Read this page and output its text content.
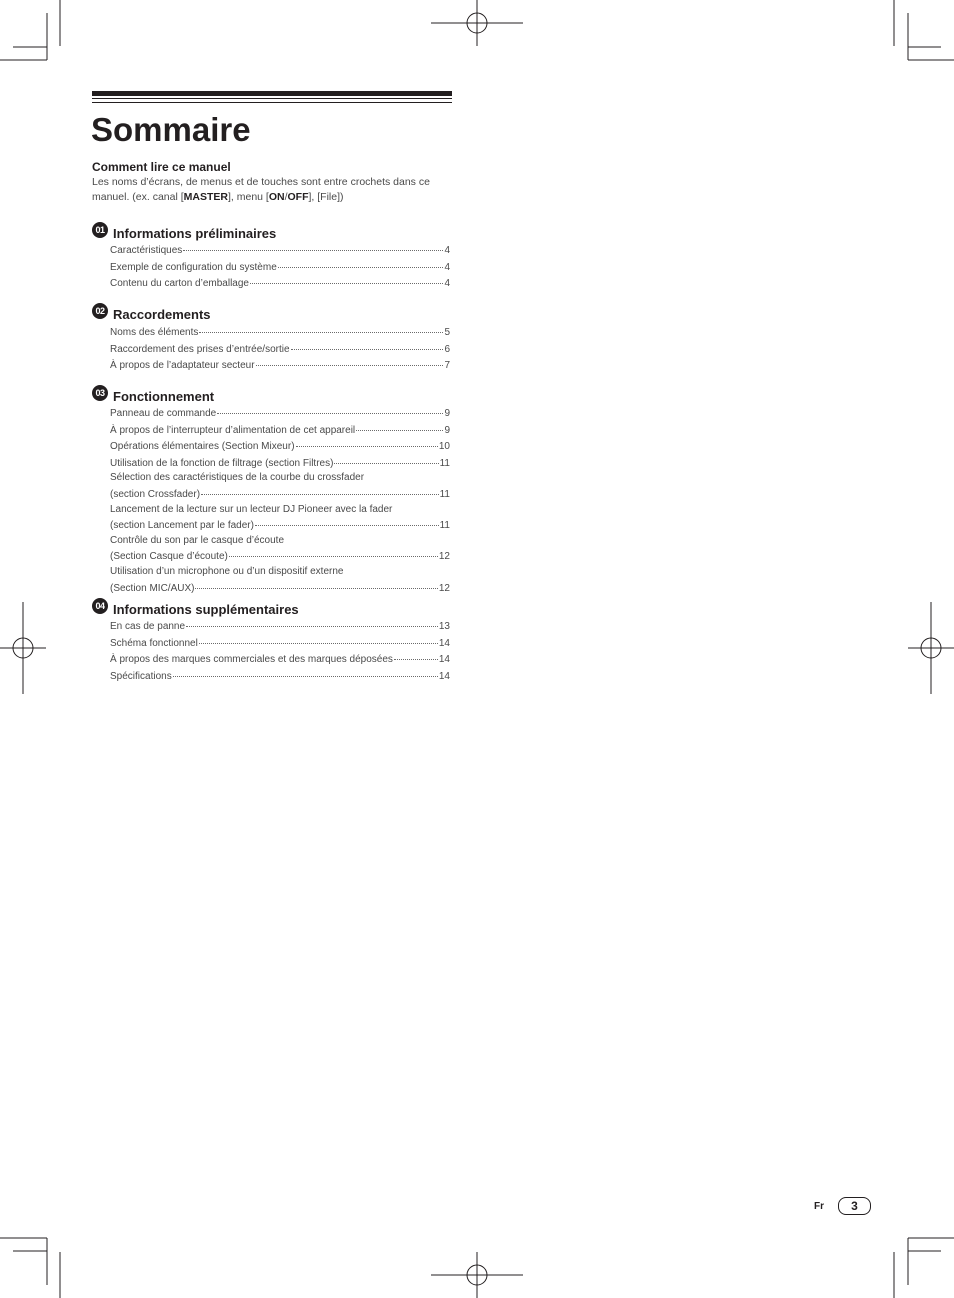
Sommaire
Comment lire ce manuel
Les noms d’écrans, de menus et de touches sont entre crochets dans ce
manuel. (ex. canal [MASTER], menu [ON/OFF], [File])
01 Informations préliminaires
Caractéristiques	4
Exemple de configuration du système	4
Contenu du carton d’emballage	4
02 Raccordements
Noms des éléments	5
Raccordement des prises d’entrée/sortie	6
À propos de l’adaptateur secteur	7
03 Fonctionnement
Panneau de commande	9
À propos de l’interrupteur d’alimentation de cet appareil	9
Opérations élémentaires (Section Mixeur)	10
Utilisation de la fonction de filtrage (section Filtres)	11
Sélection des caractéristiques de la courbe du crossfader
(section Crossfader)	11
Lancement de la lecture sur un lecteur DJ Pioneer avec la fader
(section Lancement par le fader)	11
Contrôle du son par le casque d’écoute
(Section Casque d’écoute)	12
Utilisation d’un microphone ou d’un dispositif externe
(Section MIC/AUX)	12
04 Informations supplémentaires
En cas de panne	13
Schéma fonctionnel	14
À propos des marques commerciales et des marques déposées	14
Spécifications	14
Fr	3
